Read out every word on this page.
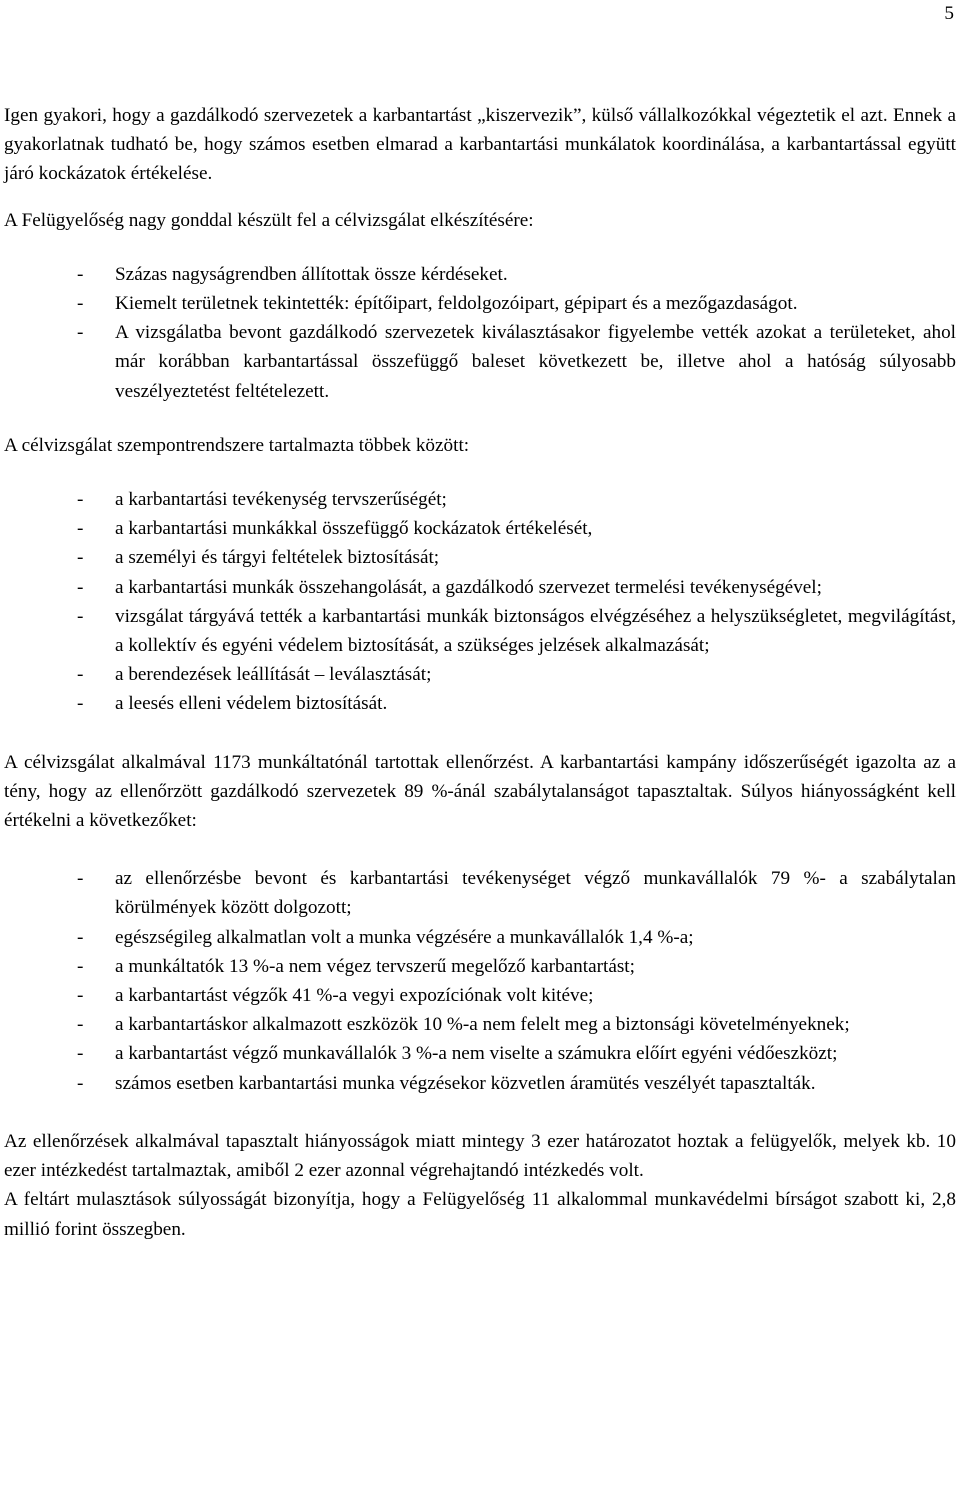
5

Igen gyakori, hogy a gazdálkodó szervezetek a karbantartást „kiszervezik”, külső vállalkozókkal végeztetik el azt. Ennek a gyakorlatnak tudható be, hogy számos esetben elmarad a karbantartási munkálatok koordinálása, a karbantartással együtt járó kockázatok értékelése.

A Felügyelőség nagy gonddal készült fel a célvizsgálat elkészítésére:

- Százas nagyságrendben állítottak össze kérdéseket.
- Kiemelt területnek tekintették: építőipart, feldolgozóipart, gépipart és a mezőgazdaságot.
- A vizsgálatba bevont gazdálkodó szervezetek kiválasztásakor figyelembe vették azokat a területeket, ahol már korábban karbantartással összefüggő baleset következett be, illetve ahol a hatóság súlyosabb veszélyeztetést feltételezett.

A célvizsgálat szempontrendszere tartalmazta többek között:

- a karbantartási tevékenység tervszerűségét;
- a karbantartási munkákkal összefüggő kockázatok értékelését,
- a személyi és tárgyi feltételek biztosítását;
- a karbantartási munkák összehangolását, a gazdálkodó szervezet termelési tevékenységével;
- vizsgálat tárgyává tették a karbantartási munkák biztonságos elvégzéséhez a helyszükségletet, megvilágítást, a kollektív és egyéni védelem biztosítását, a szükséges jelzések alkalmazását;
- a berendezések leállítását – leválasztását;
- a leesés elleni védelem biztosítását.

A célvizsgálat alkalmával 1173 munkáltatónál tartottak ellenőrzést. A karbantartási kampány időszerűségét igazolta az a tény, hogy az ellenőrzött gazdálkodó szervezetek 89 %-ánál szabálytalanságot tapasztaltak. Súlyos hiányosságként kell értékelni a következőket:

- az ellenőrzésbe bevont és karbantartási tevékenységet végző munkavállalók 79 %- a szabálytalan körülmények között dolgozott;
- egészségileg alkalmatlan volt a munka végzésére a munkavállalók 1,4 %-a;
- a munkáltatók 13 %-a nem végez tervszerű megelőző karbantartást;
- a karbantartást végzők 41 %-a vegyi expozíciónak volt kitéve;
- a karbantartáskor alkalmazott eszközök 10 %-a nem felelt meg a biztonsági követelményeknek;
- a karbantartást végző munkavállalók 3 %-a nem viselte a számukra előírt egyéni védőeszközt;
- számos esetben karbantartási munka végzésekor közvetlen áramütés veszélyét tapasztalták.

Az ellenőrzések alkalmával tapasztalt hiányosságok miatt mintegy 3 ezer határozatot hoztak a felügyelők, melyek kb. 10 ezer intézkedést tartalmaztak, amiből 2 ezer azonnal végrehajtandó intézkedés volt.

A feltárt mulasztások súlyosságát bizonyítja, hogy a Felügyelőség 11 alkalommal munkavédelmi bírságot szabott ki, 2,8 millió forint összegben.
